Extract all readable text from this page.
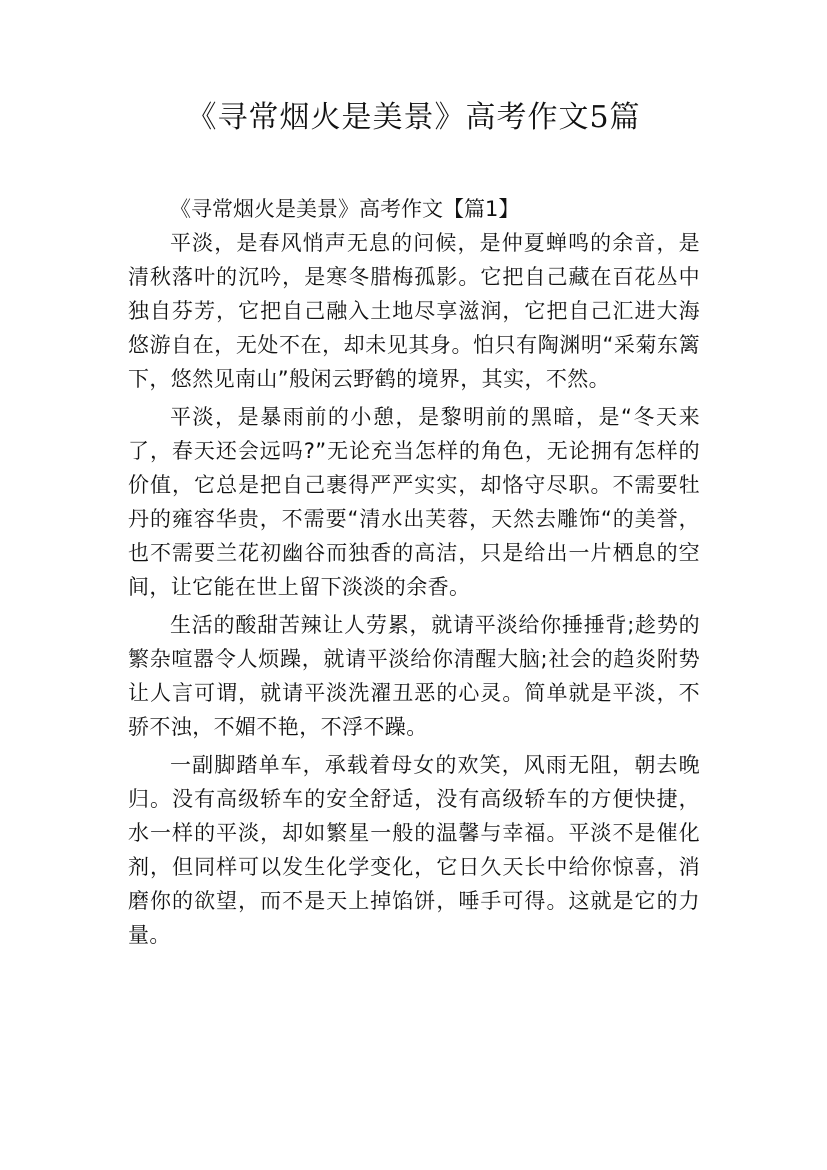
《寻常烟火是美景》高考作文5篇

《寻常烟火是美景》高考作文【篇1】

平淡，是春风悄声无息的问候，是仲夏蝉鸣的余音，是清秋落叶的沉吟，是寒冬腊梅孤影。它把自己藏在百花丛中独自芬芳，它把自己融入土地尽享滋润，它把自己汇进大海悠游自在，无处不在，却未见其身。怕只有陶渊明“采菊东篱下，悠然见南山”般闲云野鹤的境界，其实，不然。

平淡，是暴雨前的小憩，是黎明前的黑暗，是“冬天来了，春天还会远吗?”无论充当怎样的角色，无论拥有怎样的价值，它总是把自己裹得严严实实，却恪守尽职。不需要牡丹的雍容华贵，不需要“清水出芙蓉，天然去雕饰“的美誉，也不需要兰花初幽谷而独香的高洁，只是给出一片栖息的空间，让它能在世上留下淡淡的余香。

生活的酸甜苦辣让人劳累，就请平淡给你捶捶背;趁势的繁杂喧嚣令人烦躁，就请平淡给你清醒大脑;社会的趋炎附势让人言可谓，就请平淡洗濯丑恶的心灵。简单就是平淡，不骄不浊，不媚不艳，不浮不躁。

一副脚踏单车，承载着母女的欢笑，风雨无阻，朝去晚归。没有高级轿车的安全舒适，没有高级轿车的方便快捷，水一样的平淡，却如繁星一般的温馨与幸福。平淡不是催化剂，但同样可以发生化学变化，它日久天长中给你惊喜，消磨你的欲望，而不是天上掉馅饼，唾手可得。这就是它的力量。
